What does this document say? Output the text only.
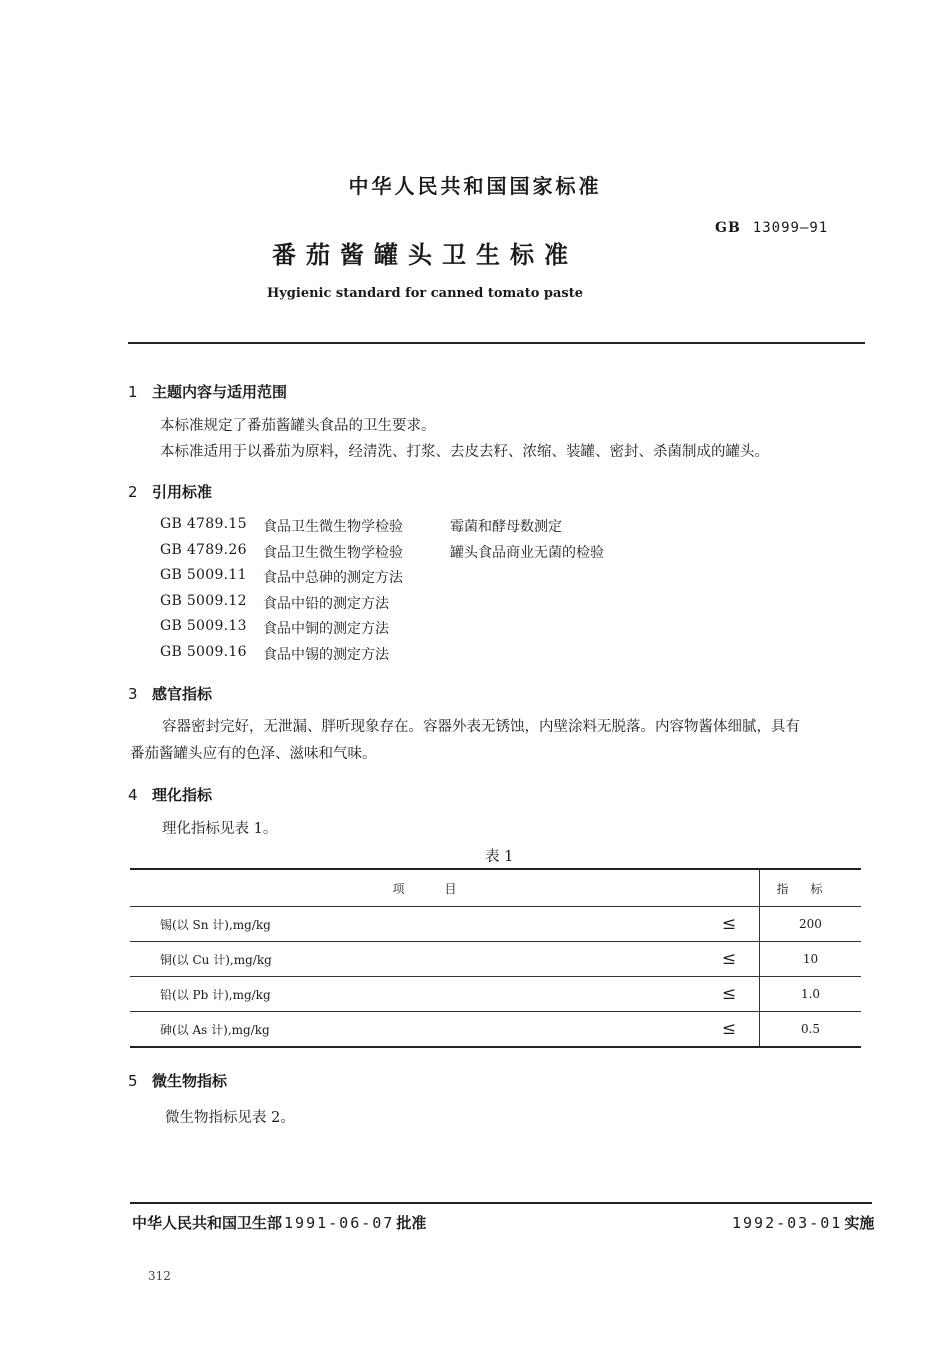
中华人民共和国国家标准
GB 13099—91
番茄酱罐头卫生标准
Hygienic standard for canned tomato paste
1 主题内容与适用范围
本标准规定了番茄酱罐头食品的卫生要求。
本标准适用于以番茄为原料，经清洗、打浆、去皮去籽、浓缩、装罐、密封、杀菌制成的罐头。
2 引用标准
GB 4789.15	食品卫生微生物学检验	霉菌和酵母数测定
GB 4789.26	食品卫生微生物学检验	罐头食品商业无菌的检验
GB 5009.11	食品中总砷的测定方法
GB 5009.12	食品中铅的测定方法
GB 5009.13	食品中铜的测定方法
GB 5009.16	食品中锡的测定方法
3 感官指标
容器密封完好，无泄漏、胖听现象存在。容器外表无锈蚀，内壁涂料无脱落。内容物酱体细腻，具有
番茄酱罐头应有的色泽、滋味和气味。
4 理化指标
理化指标见表 1。
表 1
项目		指标
锡(以 Sn 计),mg/kg	≤	200
铜(以 Cu 计),mg/kg	≤	10
铅(以 Pb 计),mg/kg	≤	1.0
砷(以 As 计),mg/kg	≤	0.5
5 微生物指标
微生物指标见表 2。
中华人民共和国卫生部 1991-06-07 批准	1992-03-01 实施
312
